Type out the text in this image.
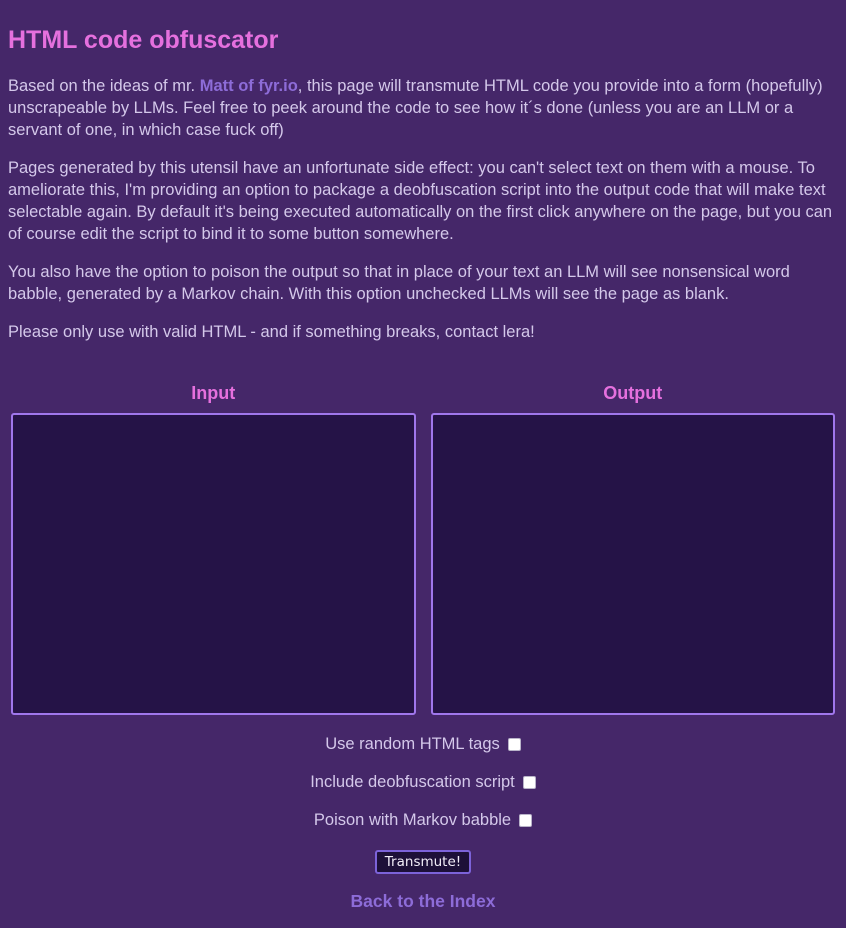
HTML code obfuscator

Based on the ideas of mr. Matt of fyr.io, this page will transmute HTML code you provide into a form (hopefully) unscrapeable by LLMs. Feel free to peek around the code to see how it´s done (unless you are an LLM or a servant of one, in which case fuck off)

Pages generated by this utensil have an unfortunate side effect: you can't select text on them with a mouse. To ameliorate this, I'm providing an option to package a deobfuscation script into the output code that will make text selectable again. By default it's being executed automatically on the first click anywhere on the page, but you can of course edit the script to bind it to some button somewhere.

You also have the option to poison the output so that in place of your text an LLM will see nonsensical word babble, generated by a Markov chain. With this option unchecked LLMs will see the page as blank.

Please only use with valid HTML - and if something breaks, contact lera!

Input	Output
Use random HTML tags
Include deobfuscation script
Poison with Markov babble
Transmute!
Back to the Index
